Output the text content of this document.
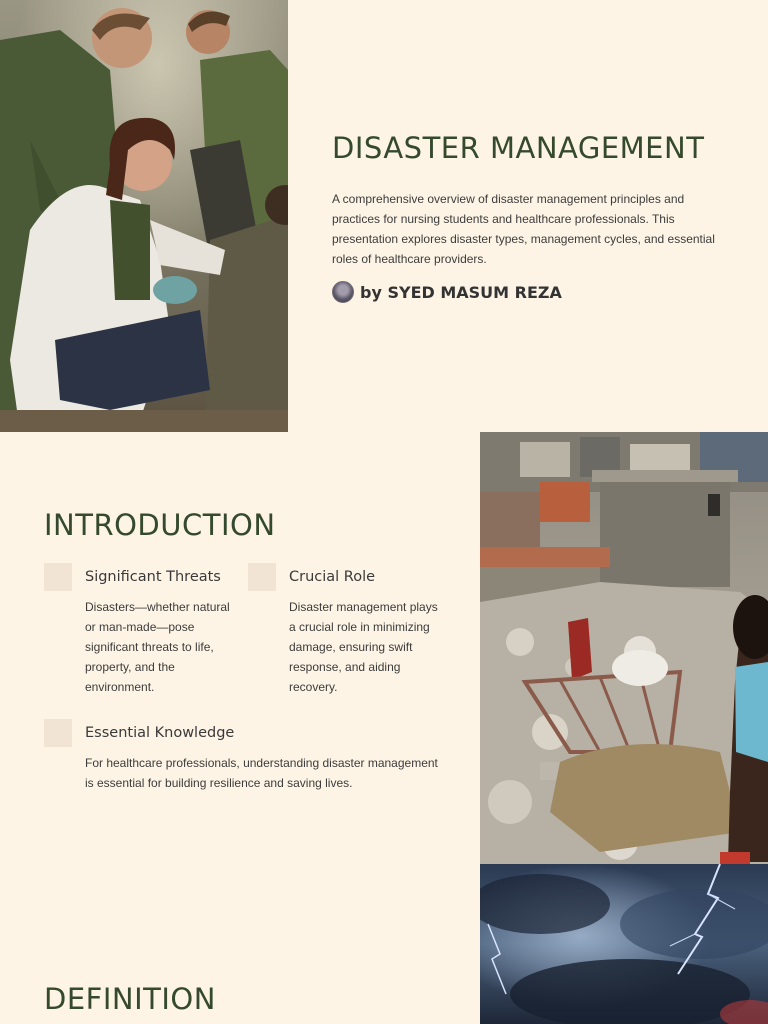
DISASTER MANAGEMENT

A comprehensive overview of disaster management principles and practices for nursing students and healthcare professionals. This presentation explores disaster types, management cycles, and essential roles of healthcare providers.

by SYED MASUM REZA
INTRODUCTION
Significant Threats
Disasters—whether natural or man-made—pose significant threats to life, property, and the environment.
Crucial Role
Disaster management plays a crucial role in minimizing damage, ensuring swift response, and aiding recovery.
Essential Knowledge
For healthcare professionals, understanding disaster management is essential for building resilience and saving lives.
DEFINITION
